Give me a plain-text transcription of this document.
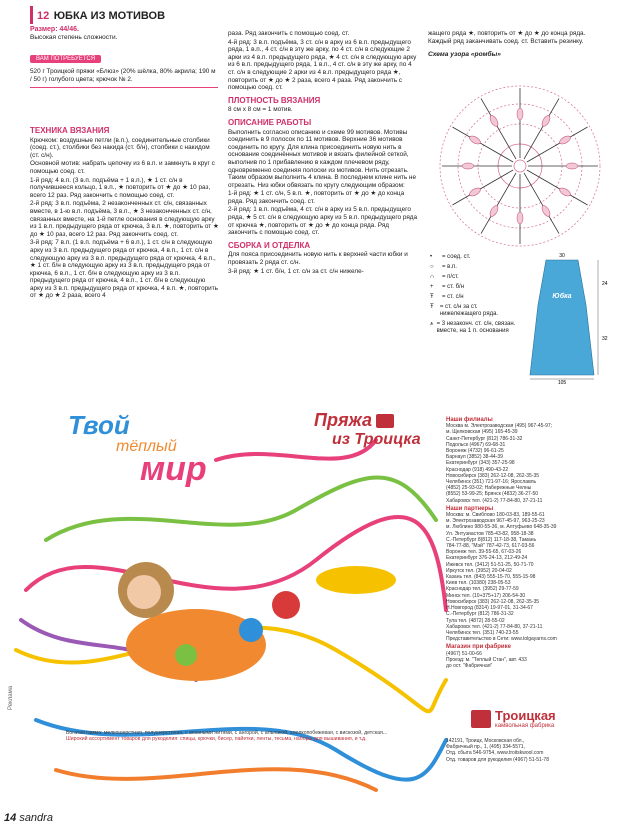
12 ЮБКА ИЗ МОТИВОВ
Размер: 44/46.
Высокая степень сложности.
ВАМ ПОТРЕБУЕТСЯ
520 г Троицкой пряжи «Блюз» (20% шёлка, 80% акрила; 190 м / 50 г) голубого цвета; крючок № 2.
ТЕХНИКА ВЯЗАНИЯ

Крючком: воздушные петли (в.п.), соединительные столбики (соед. ст.), столбики без накида (ст. б/н), столбики с накидом (ст. с/н).

Основной мотив: набрать цепочку из 6 в.п. и замкнуть в круг с помощью соед. ст.

1-й ряд: 4 в.п. (3 в.п. подъёма + 1 в.п.), ★ 1 ст. с/н в получившееся кольцо, 1 в.п., ★ повторить от ★ до ★ 10 раз, всего 12 раз. Ряд закончить с помощью соед. ст.

2-й ряд: 3 в.п. подъёма, 2 незаконченных ст. с/н, связанных вместе, в 1-ю в.п. подъёма, 3 в.п., ★ 3 незаконченных ст. с/н, связанных вместе, на 1-й петле основания в следующую арку из 1 в.п. предыдущего ряда от крючка, 3 в.п. ★, повторить от ★ до ★ 10 раз, всего 12 раз. Ряд закончить соед. ст.

3-й ряд: 7 в.п. (1 в.п. подъёма + 6 в.п.), 1 ст. с/н в следующую арку из 3 в.п. предыдущего ряда от крючка, 4 в.п., 1 ст. с/н в следующую арку из 3 в.п. предыдущего ряда от крючка, 4 в.п., ★ 1 ст. б/н в следующую арку из 3 в.п. предыдущего ряда от крючка, 6 в.п., 1 ст. б/н в следующую арку из 3 в.п. предыдущего ряда от крючка, 4 в.п., 1 ст. б/н в следующую арку из 3 в.п. предыдущего ряда от крючка, 4 в.п. ★, повторить от ★ до ★ 2 раза, всего 4

раза. Ряд закончить с помощью соед. ст.

4-й ряд: 3 в.п. подъёма, 3 ст. с/н в арку из 6 в.п. предыдущего ряда, 1 в.п., 4 ст. с/н в эту же арку, по 4 ст. с/н в следующие 2 арки из 4 в.п. предыдущего ряда, ★ 4 ст. с/н в следующую арку из 6 в.п. предыдущего ряда, 1 в.п., 4 ст. с/н в эту же арку, по 4 ст. с/н в следующие 2 арки из 4 в.п. предыдущего ряда ★, повторить от ★ до ★ 2 раза, всего 4 раза. Ряд закончить с помощью соед. ст.

ПЛОТНОСТЬ ВЯЗАНИЯ

8 см х 8 см = 1 мотив.

ОПИСАНИЕ РАБОТЫ

Выполнить согласно описанию и схеме 99 мотивов. Мотивы соединить в 9 полосок по 11 мотивов. Верхние 36 мотивов соединить по кругу. Для клина присоединить новую нить в основание соединённых мотивов и вязать филейной сеткой, выполнив по 1 прибавлению в каждом плечевом ряду, одновременно соединяя полоски из мотивов. Нить отрезать. Таким образом выполнить 4 клина. В последнем клине нить не отрезать. Низ юбки обвязать по кругу следующим образом:

1-й ряд: ★ 1 ст. с/н, 5 в.п. ★, повторить от ★ до ★ до конца ряда. Ряд закончить соед. ст.

2-й ряд: 1 в.п. подъёма, 4 ст. с/н в арку из 5 в.п. предыдущего ряда, ★ 5 ст. с/н в следующую арку из 5 в.п. предыдущего ряда от крючка ★, повторить от ★ до ★ до конца ряда. Ряд закончить с помощью соед. ст.

СБОРКА И ОТДЕЛКА

Для пояса присоединить новую нить к верхней части юбки и провязать 2 ряда ст. с/н.

3-й ряд: ★ 1 ст. б/н, 1 ст. с/н за ст. с/н нижеле-

жащего ряда ★, повторить от ★ до ★ до конца ряда. Каждый ряд заканчивать соед. ст. Вставить резинку.

Схема узора «ромбы»
•	= соед. ст.
○	= в.п.
∩	= п/ст.
+	= ст. б/н
Ŧ	= ст. с/н
Ŧ	= ст. с/н за ст. нижележащего ряда.
⩚ = 3 незаконч. ст. с/н, связан. вместе, на 1 п. основания
30
Юбка
24
32
105
Твой
тёплый
мир
Пряжа
из Троицка
Наши филиалы
Москва м. Электрозаводская (495) 967-45-97;
м. Щелковская (495) 165-45-39
Санкт-Петербург (812) 786-31-32
Подольск (4967) 69-68-31
Воронеж (4732) 96-61-25
Барнаул (3852) 38-44-39
Екатеринбург (343) 357-25-98
Краснодар (918) 490-43-22
Новосибирск (383) 262-12-08, 262-35-35
Челябинск (351) 721-97-16; Ярославль
(4852) 25-93-02; Набережные Челны
(8552) 53-99-25; Брянск (4832) 36-27-50
Хабаровск тел. (421-2) 77-84-80, 37-21-11
Наши партнеры
Москва: м. Свиблово 180-03-83, 189-55-61
м. Электрозаводская 967-45-97, 963-25-23
м. Люблино 980-55-36, м. Алтуфьево 648-35-39
Ул. Энтузиастов 785-43-82, 958-18-38
С.-Петербург 8(812) 117-18-38, Тамань
784-77-88, "Мэй" 787-42-73, 617-03-56
Воронеж тел. 39-55-65, 67-03-26
Екатеринбург 376-24-13, 212-49-24
Ижевск тел. (3412) 51-51-25, 50-71-70
Иркутск тел. (3952) 20-04-02
Казань тел. (843) 555-15-70, 555-15-98
Киев тел. (10380) 238-05-53
Краснодар тел. (3952) 29-77-59
Минск тел. (10+375+17) 206-54-30
Новосибирск (383) 262-12-08, 262-35-35
Н.Новгород (8314) 19-97-01, 31-34-67
С.-Петербург (812) 786-31-32
Тула тел. (4872) 28-55-02
Хабаровск тел. (421-2) 77-84-80, 37-21-11
Челябинск тел. (351) 740-23-55
Представительство в Сети: www.tolgayarns.com
Магазин при фабрике
(4967) 51-00-66
Проезд: м. "Теплый Стан", авт. 433
до ост. "Фабричная"
Троицкая
камвольная фабрика
142191, Троицк, Московская обл.,
Фабричный пр., 1, (495) 334-5571,
Отд. сбыта 546-9754, www.troitskwool.com
Отд. товаров для рукоделия (4967) 51-51-78
Богатая гамма: мелкошерстная, полушерстяная, с вязаными нитями, с ангорой, с альпакой, хлопкопобежевая, с вискозой, детская...
Широкий ассортимент товаров для рукоделия: спицы, крючки, бисер, пайетки, ленты, тесьма, наборы для вышивания, и т.д.
Реклама
14 sandra
